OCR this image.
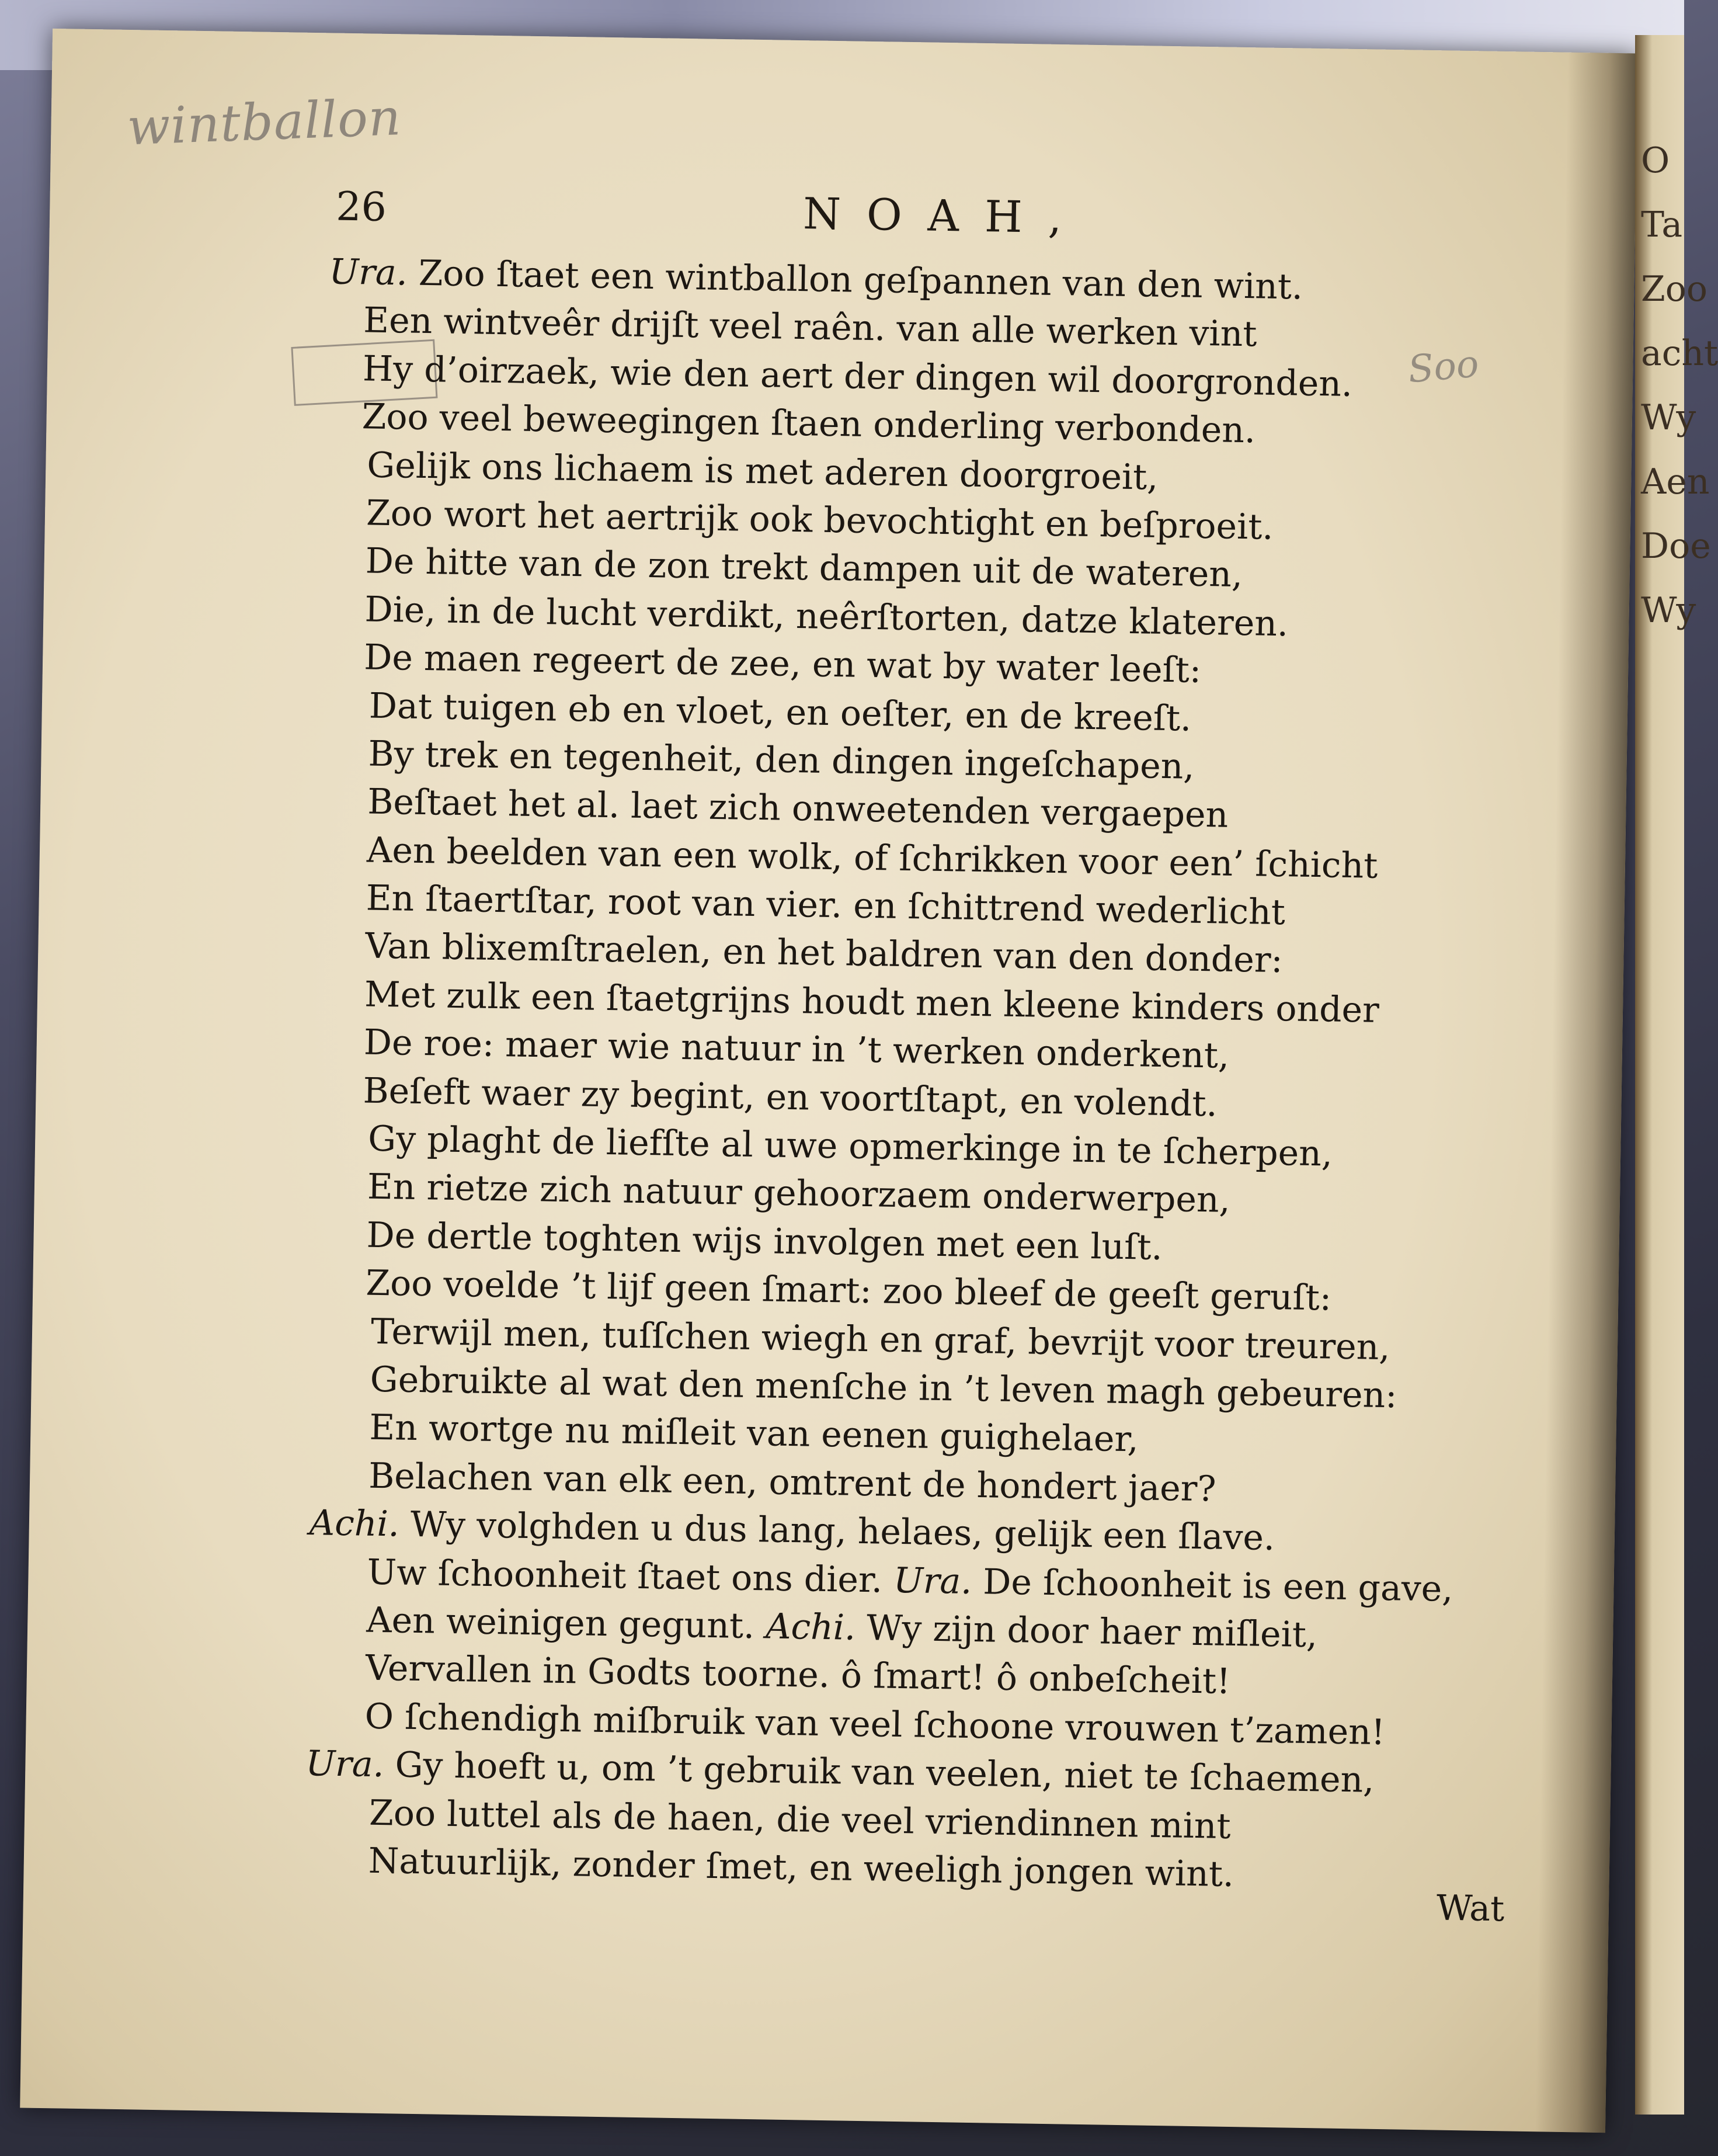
wintballon
Soo
26	NOAH,
Ura. Zoo ſtaet een wintballon geſpannen van den wint.
Een wintveêr drijſt veel raên. van alle werken vint
Hy d’oirzaek, wie den aert der dingen wil doorgronden.
Zoo veel beweegingen ſtaen onderling verbonden.
Gelijk ons lichaem is met aderen doorgroeit,
Zoo wort het aertrijk ook bevochtight en beſproeit.
De hitte van de zon trekt dampen uit de wateren,
Die, in de lucht verdikt, neêrſtorten, datze klateren.
De maen regeert de zee, en wat by water leeſt:
Dat tuigen eb en vloet, en oeſter, en de kreeſt.
By trek en tegenheit, den dingen ingeſchapen,
Beſtaet het al. laet zich onweetenden vergaepen
Aen beelden van een wolk, of ſchrikken voor een’ ſchicht
En ſtaertſtar, root van vier. en ſchittrend wederlicht
Van blixemſtraelen, en het baldren van den donder:
Met zulk een ſtaetgrijns houdt men kleene kinders onder
De roe: maer wie natuur in ’t werken onderkent,
Beſeft waer zy begint, en voortſtapt, en volendt.
Gy plaght de liefſte al uwe opmerkinge in te ſcherpen,
En rietze zich natuur gehoorzaem onderwerpen,
De dertle toghten wijs involgen met een luſt.
Zoo voelde ’t lijf geen ſmart: zoo bleef de geeſt geruſt:
Terwijl men, tuſſchen wiegh en graf, bevrijt voor treuren,
Gebruikte al wat den menſche in ’t leven magh gebeuren:
En wortge nu miſleit van eenen guighelaer,
Belachen van elk een, omtrent de hondert jaer?
Achi. Wy volghden u dus lang, helaes, gelijk een ſlave.
Uw ſchoonheit ſtaet ons dier. Ura. De ſchoonheit is een gave,
Aen weinigen gegunt. Achi. Wy zijn door haer miſleit,
Vervallen in Godts toorne. ô ſmart! ô onbeſcheit!
O ſchendigh miſbruik van veel ſchoone vrouwen t’zamen!
Ura. Gy hoeft u, om ’t gebruik van veelen, niet te ſchaemen,
Zoo luttel als de haen, die veel vriendinnen mint
Natuurlijk, zonder ſmet, en weeligh jongen wint.
Wat
O
Ta
Zoo
acht
Wy
Aen
Doe
Wy
